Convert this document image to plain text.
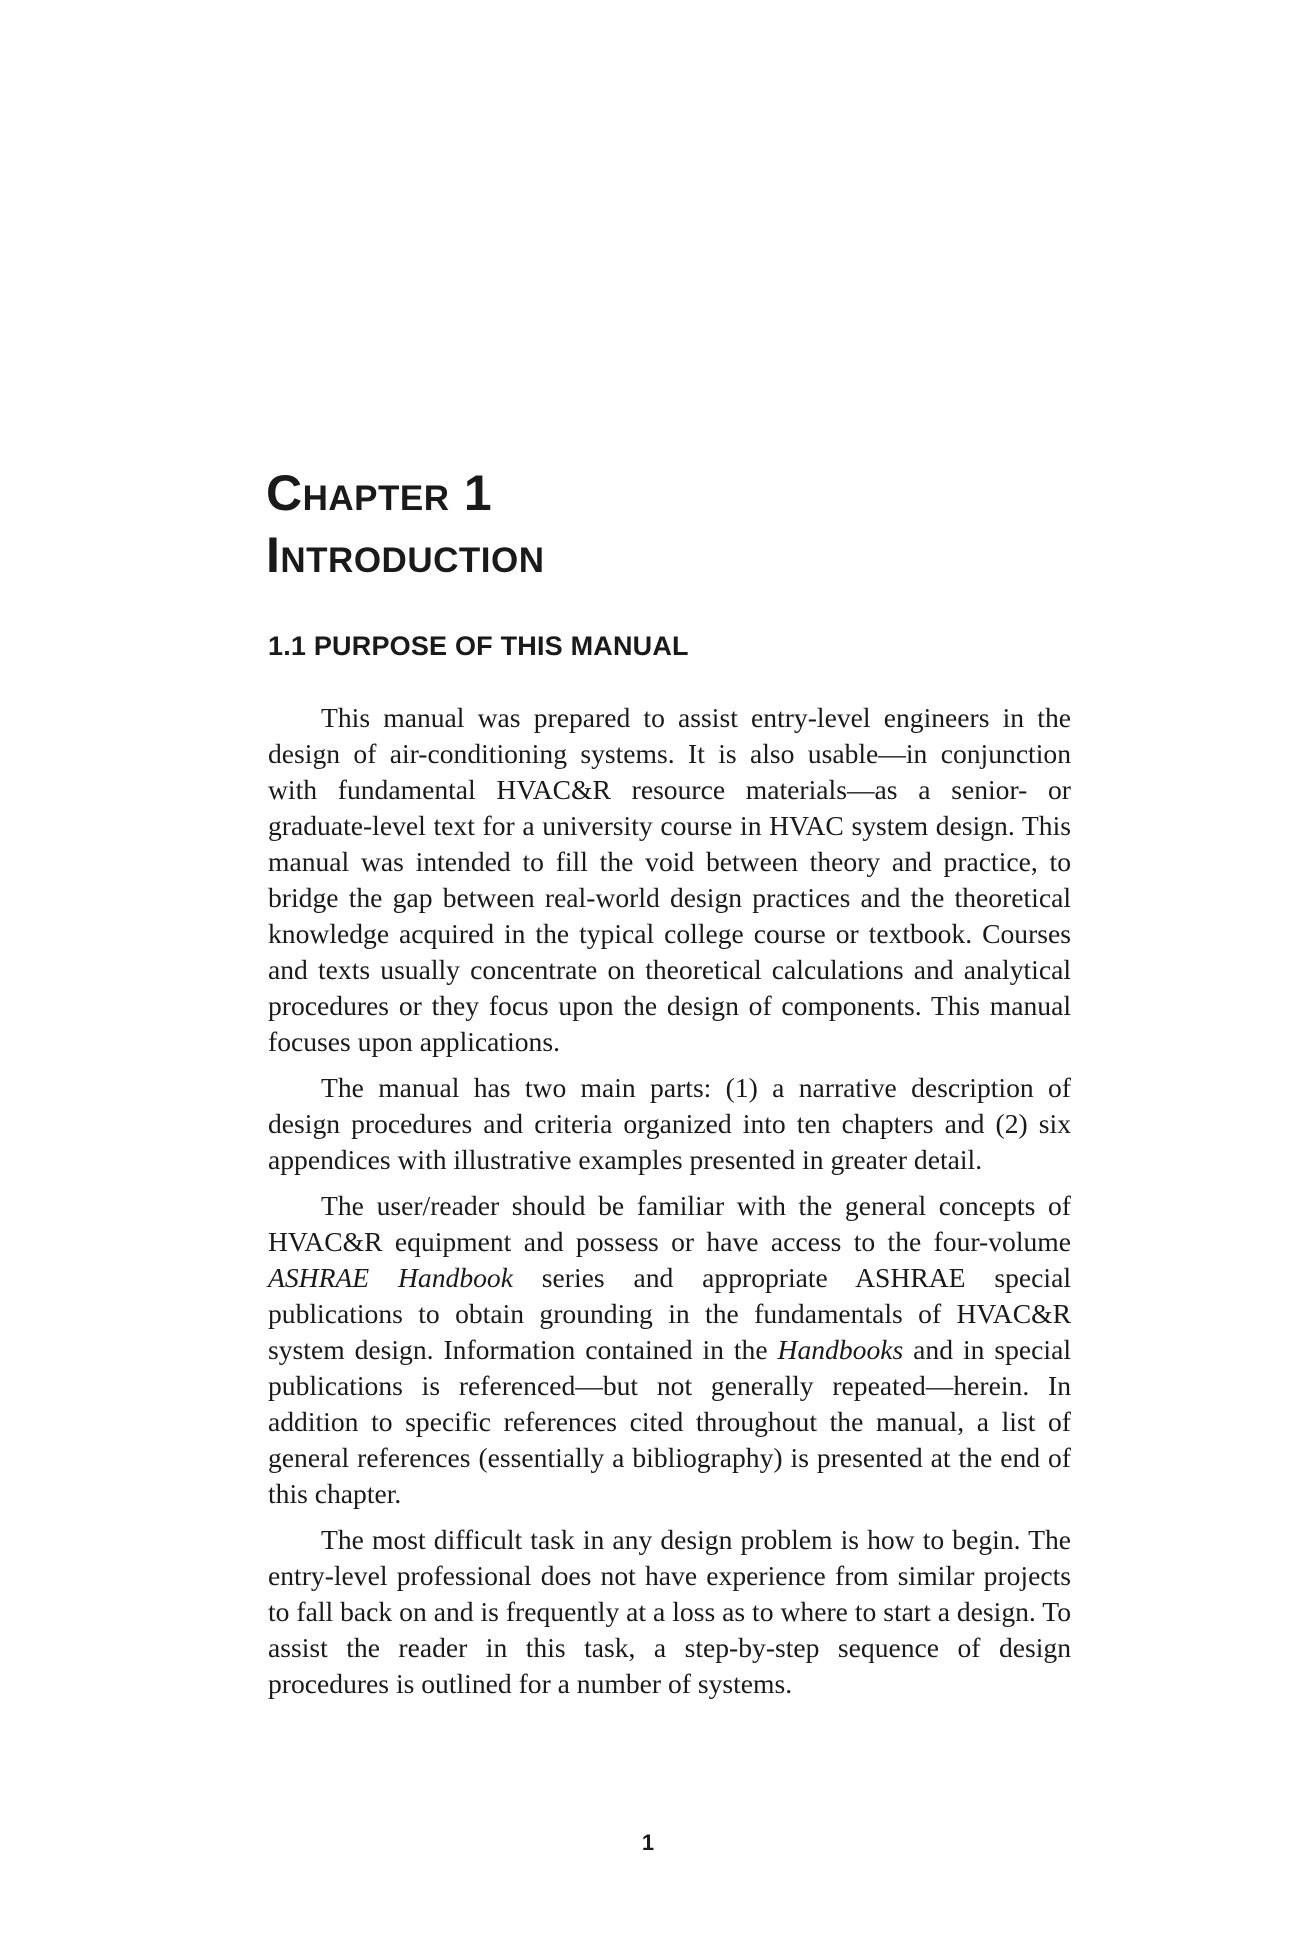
Chapter 1
Introduction
1.1 PURPOSE OF THIS MANUAL

This manual was prepared to assist entry-level engineers in the design of air-conditioning systems. It is also usable—in conjunction with fundamental HVAC&R resource materials—as a senior- or graduate-level text for a university course in HVAC system design. This manual was intended to fill the void between theory and practice, to bridge the gap between real-world design practices and the theoretical knowledge acquired in the typical college course or textbook. Courses and texts usually concentrate on theoretical calculations and analytical procedures or they focus upon the design of components. This manual focuses upon applications.

The manual has two main parts: (1) a narrative description of design procedures and criteria organized into ten chapters and (2) six appendices with illustrative examples presented in greater detail.

The user/reader should be familiar with the general concepts of HVAC&R equipment and possess or have access to the four-volume ASHRAE Handbook series and appropriate ASHRAE special publications to obtain grounding in the fundamentals of HVAC&R system design. Information contained in the Handbooks and in special publications is referenced—but not generally repeated—herein. In addition to specific references cited throughout the manual, a list of general references (essentially a bibliography) is presented at the end of this chapter.

The most difficult task in any design problem is how to begin. The entry-level professional does not have experience from similar projects to fall back on and is frequently at a loss as to where to start a design. To assist the reader in this task, a step-by-step sequence of design procedures is outlined for a number of systems.

1
